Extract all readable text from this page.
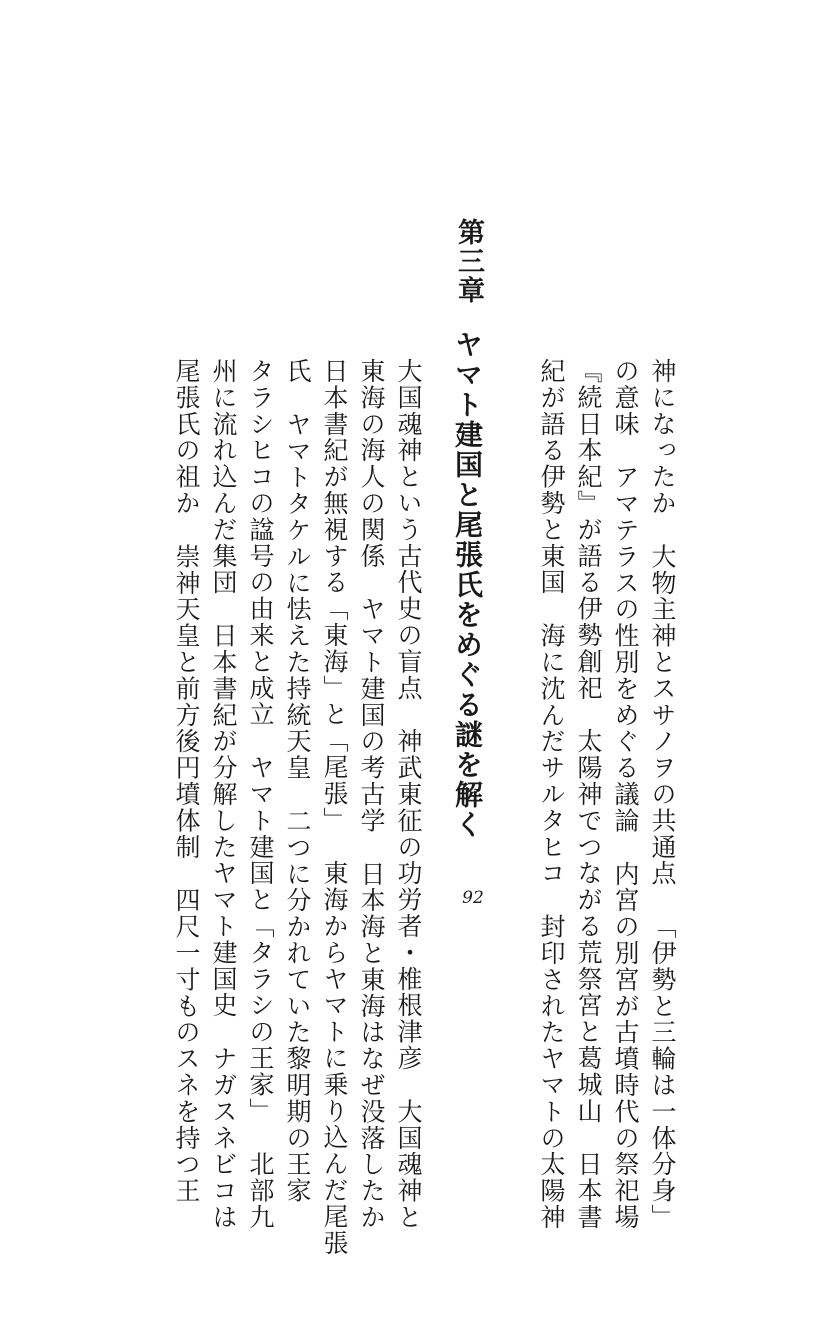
神になったか大物主神とスサノヲの共通点「伊勢と三輪は一体分身」
の意味アマテラスの性別をめぐる議論内宮の別宮が古墳時代の祭祀場
『続日本紀』が語る伊勢創祀太陽神でつながる荒祭宮と葛城山日本書
紀が語る伊勢と東国海に沈んだサルタヒコ封印されたヤマトの太陽神
第三章
ヤマト建国と尾張氏をめぐる謎を解く
92
大国魂神という古代史の盲点神武東征の功労者・椎根津彦大国魂神と
東海の海人の関係ヤマト建国の考古学日本海と東海はなぜ没落したか
日本書紀が無視する「東海」と「尾張」東海からヤマトに乗り込んだ尾張
氏ヤマトタケルに怯えた持統天皇二つに分かれていた黎明期の王家
タラシヒコの諡号の由来と成立ヤマト建国と「タラシの王家」北部九
州に流れ込んだ集団日本書紀が分解したヤマト建国史ナガスネビコは
尾張氏の祖か崇神天皇と前方後円墳体制四尺一寸ものスネを持つ王
